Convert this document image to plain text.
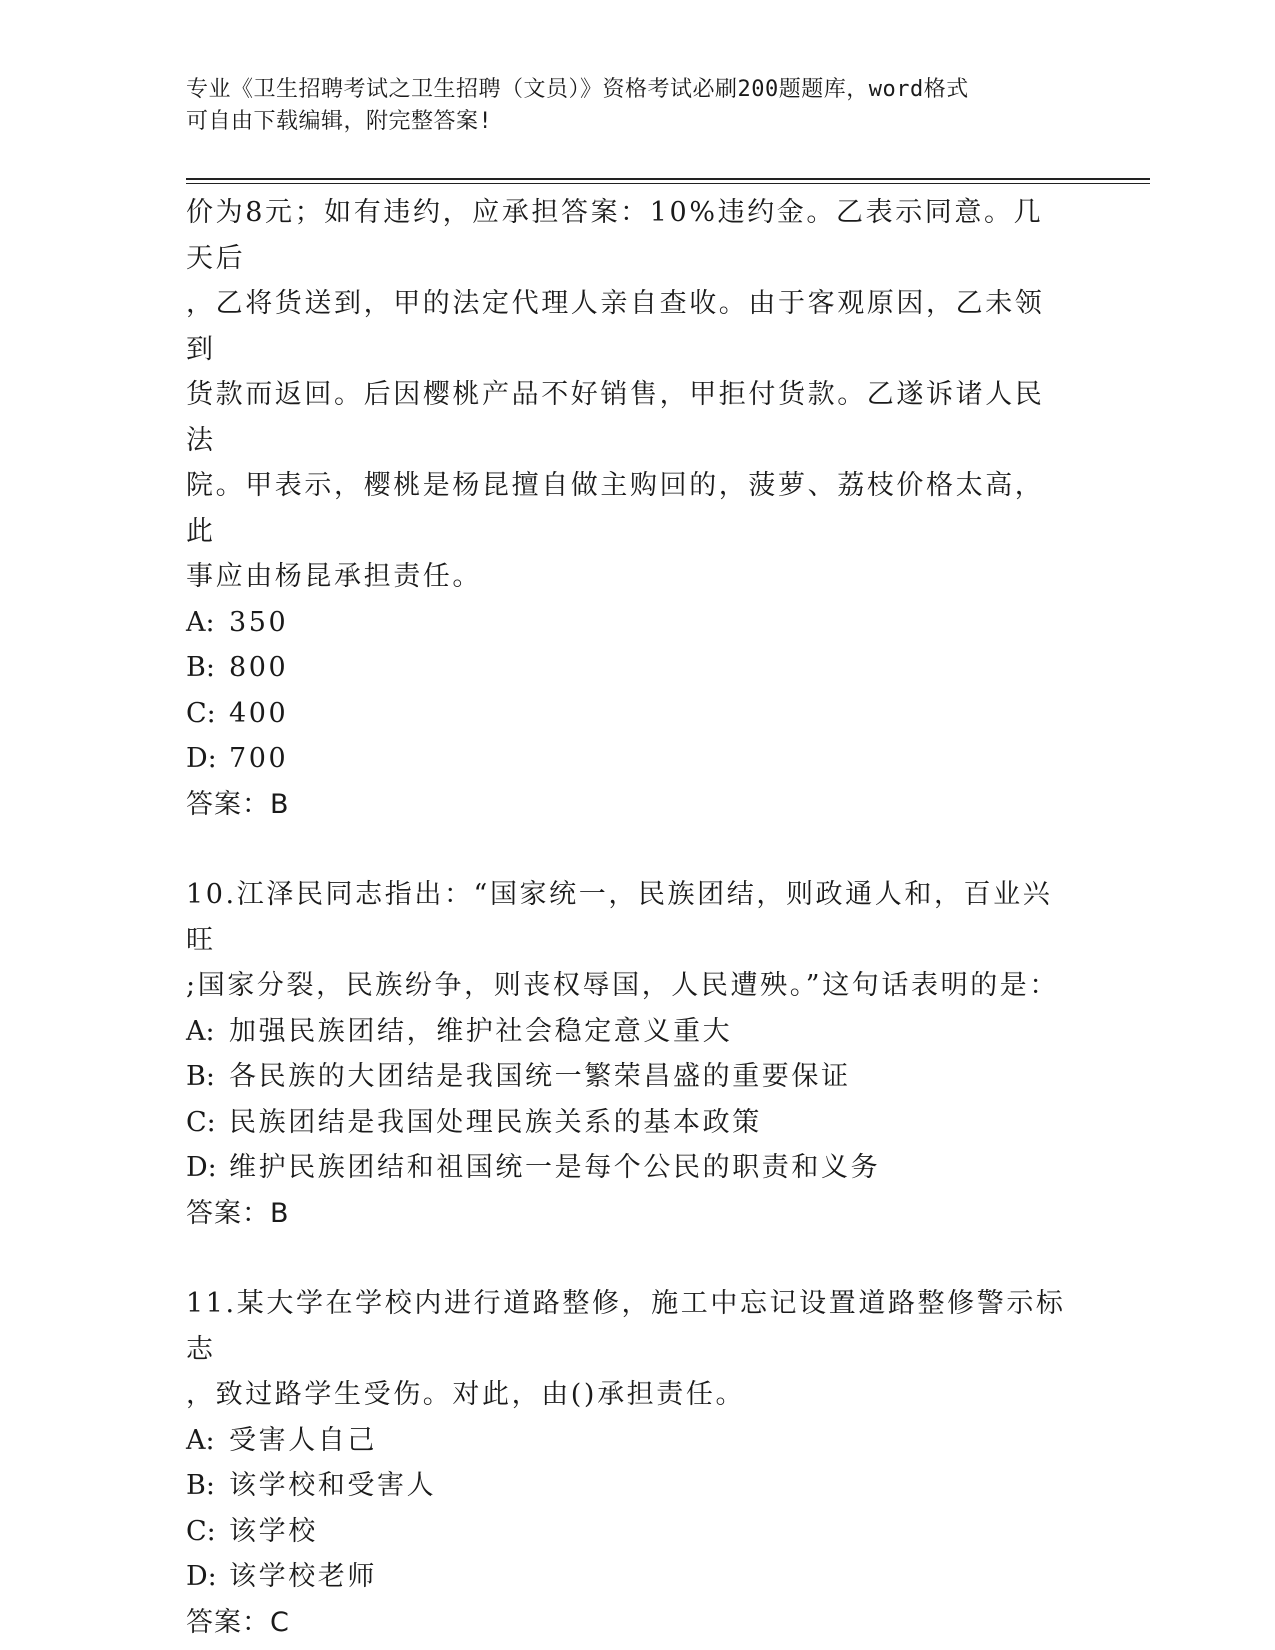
专业《卫生招聘考试之卫生招聘（文员）》资格考试必刷200题题库，word格式
可自由下载编辑，附完整答案!

价为8元；如有违约，应承担答案：10%违约金。乙表示同意。几天后

，乙将货送到，甲的法定代理人亲自查收。由于客观原因，乙未领到

货款而返回。后因樱桃产品不好销售，甲拒付货款。乙遂诉诸人民法

院。甲表示，樱桃是杨昆擅自做主购回的，菠萝、荔枝价格太高，此

事应由杨昆承担责任。

A: 350
B: 800
C: 400
D: 700

答案：B

10.江泽民同志指出：“国家统一，民族团结，则政通人和，百业兴旺

;国家分裂，民族纷争，则丧权辱国，人民遭殃。”这句话表明的是：

A: 加强民族团结，维护社会稳定意义重大
B: 各民族的大团结是我国统一繁荣昌盛的重要保证
C: 民族团结是我国处理民族关系的基本政策
D: 维护民族团结和祖国统一是每个公民的职责和义务

答案：B

11.某大学在学校内进行道路整修，施工中忘记设置道路整修警示标志

，致过路学生受伤。对此，由()承担责任。

A: 受害人自己
B: 该学校和受害人
C: 该学校
D: 该学校老师

答案：C
